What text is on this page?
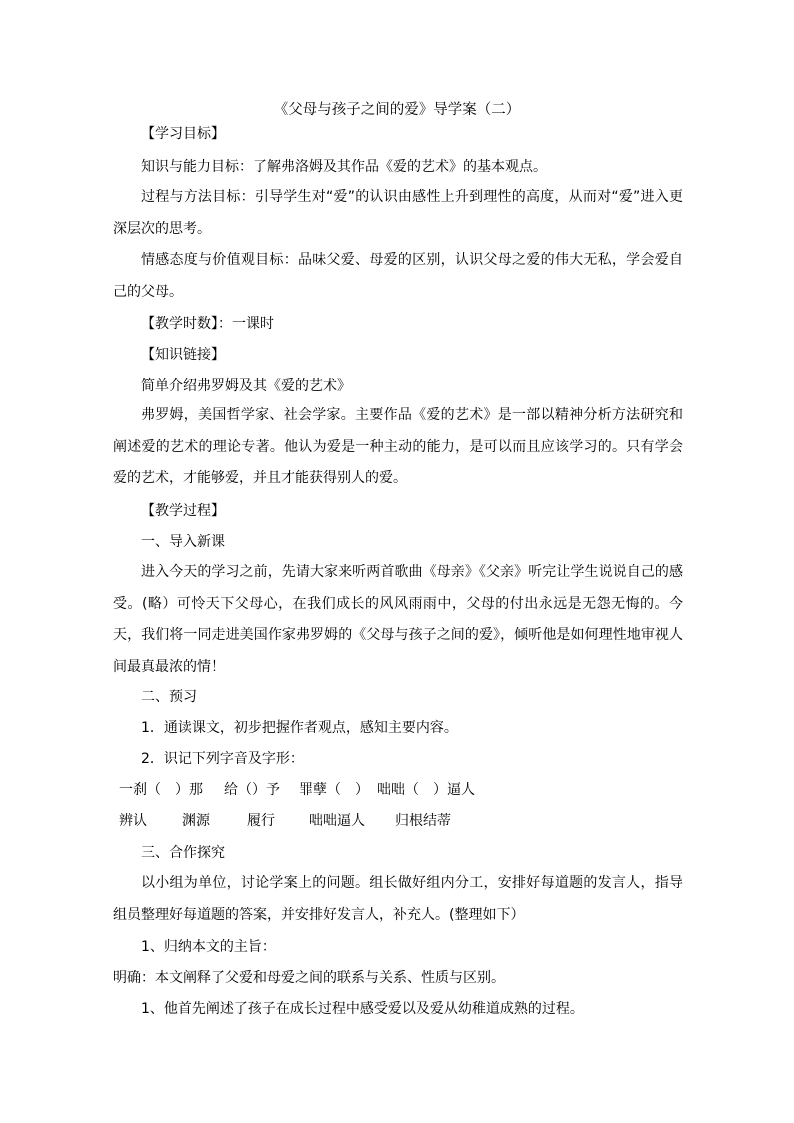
《父母与孩子之间的爱》导学案（二）
【学习目标】
知识与能力目标：了解弗洛姆及其作品《爱的艺术》的基本观点。
过程与方法目标：引导学生对“爱”的认识由感性上升到理性的高度，从而对“爱”进入更深层次的思考。
情感态度与价值观目标：品味父爱、母爱的区别，认识父母之爱的伟大无私，学会爱自己的父母。
【教学时数】：一课时
【知识链接】
简单介绍弗罗姆及其《爱的艺术》
弗罗姆，美国哲学家、社会学家。主要作品《爱的艺术》是一部以精神分析方法研究和阐述爱的艺术的理论专著。他认为爱是一种主动的能力，是可以而且应该学习的。只有学会爱的艺术，才能够爱，并且才能获得别人的爱。
【教学过程】
一、导入新课
进入今天的学习之前，先请大家来听两首歌曲《母亲》《父亲》听完让学生说说自己的感受。(略）可怜天下父母心，在我们成长的风风雨雨中，父母的付出永远是无怨无悔的。今天，我们将一同走进美国作家弗罗姆的《父母与孩子之间的爱》，倾听他是如何理性地审视人间最真最浓的情！
二、预习
1．通读课文，初步把握作者观点，感知主要内容。
2．识记下列字音及字形：
一刹（　）那 给（）予 罪孽（　） 咄咄（　）逼人
辨认	渊源	履行 咄咄逼人 归根结蒂
三、合作探究
以小组为单位，讨论学案上的问题。组长做好组内分工，安排好每道题的发言人，指导组员整理好每道题的答案，并安排好发言人，补充人。(整理如下）
1、归纳本文的主旨：
明确：本文阐释了父爱和母爱之间的联系与关系、性质与区别。
1、他首先阐述了孩子在成长过程中感受爱以及爱从幼稚道成熟的过程。
